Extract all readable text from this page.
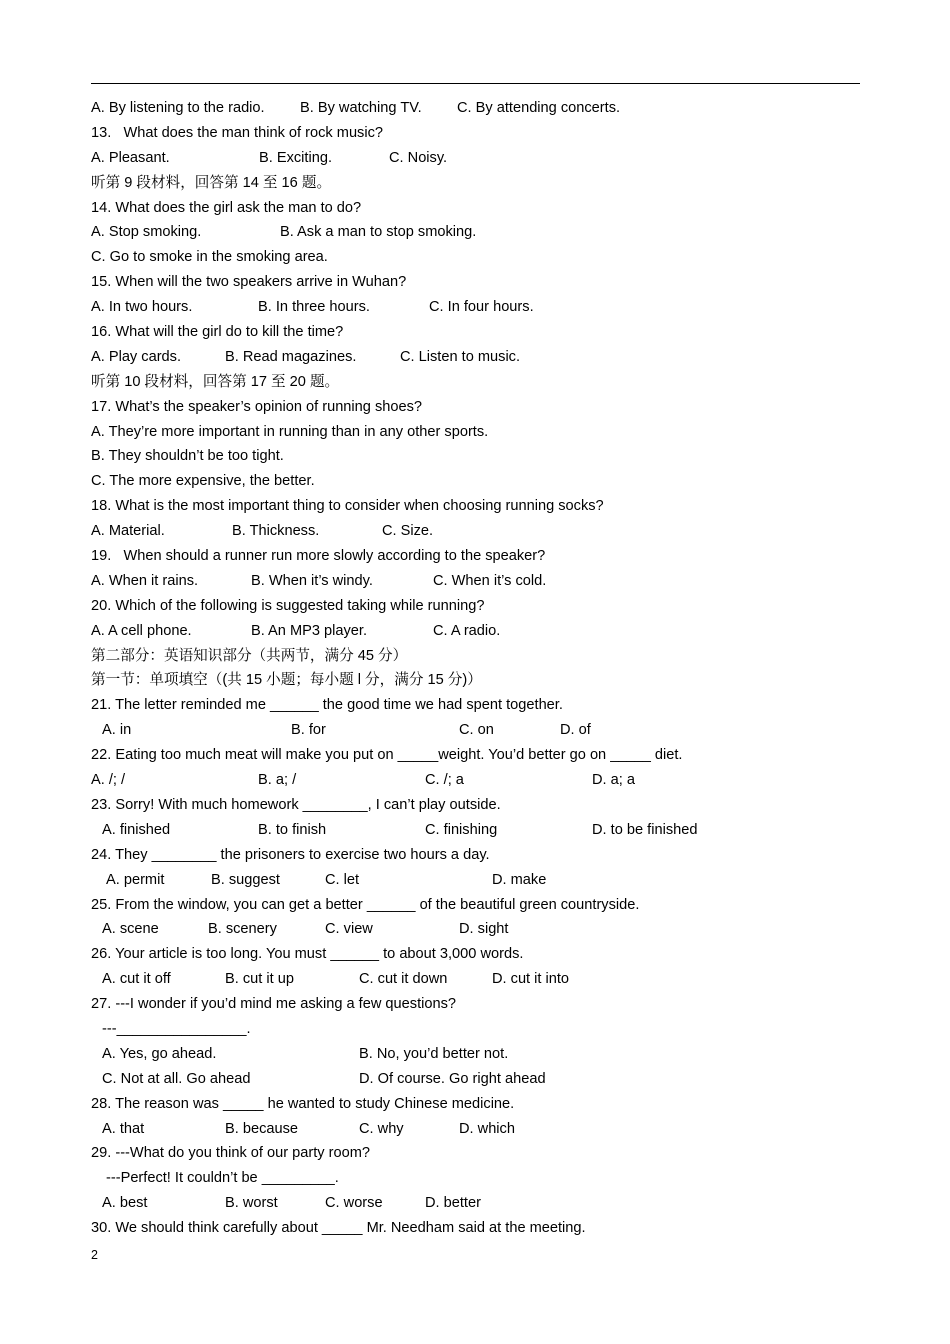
A. By listening to the radio. B. By watching TV. C. By attending concerts.
13.   What does the man think of rock music?
A. Pleasant.	B. Exciting.	C. Noisy.
听第 9 段材料，回答第 14 至 16 题。
14. What does the girl ask the man to do?
A. Stop smoking.	B. Ask a man to stop smoking.
C. Go to smoke in the smoking area.
15. When will the two speakers arrive in Wuhan?
A. In two hours.	B. In three hours.	C. In four hours.
16. What will the girl do to kill the time?
A. Play cards.	B. Read magazines.	C. Listen to music.
听第 10 段材料，回答第 17 至 20 题。
17. What’s the speaker’s opinion of running shoes?
A. They’re more important in running than in any other sports.
B. They shouldn’t be too tight.
C. The more expensive, the better.
18. What is the most important thing to consider when choosing running socks?
A. Material.	B. Thickness.	C. Size.
19.   When should a runner run more slowly according to the speaker?
A. When it rains.	B. When it’s windy.	C. When it’s cold.
20. Which of the following is suggested taking while running?
A. A cell phone.	B. An MP3 player.	C. A radio.
第二部分：英语知识部分（共两节，满分 45 分）
第一节：单项填空（(共 15 小题；每小题 l 分，满分 15 分)）
21. The letter reminded me ______ the good time we had spent together.
A. in	B. for	C. on	D. of
22. Eating too much meat will make you put on _____weight. You’d better go on _____ diet.
A. /; /	B. a; /	C. /; a	D. a; a
23. Sorry! With much homework ________, I can’t play outside.
A. finished	B. to finish	C. finishing	D. to be finished
24. They ________ the prisoners to exercise two hours a day.
A. permit	B. suggest	C. let	D. make
25. From the window, you can get a better ______ of the beautiful green countryside.
A. scene	B. scenery	C. view	D. sight
26. Your article is too long. You must ______ to about 3,000 words.
A. cut it off	B. cut it up	C. cut it down	D. cut it into
27. ---I wonder if you’d mind me asking a few questions?
---________________.
A. Yes, go ahead.	B. No, you’d better not.
C. Not at all. Go ahead	D. Of course. Go right ahead
28. The reason was _____ he wanted to study Chinese medicine.
A. that	B. because	C. why	D. which
29. ---What do you think of our party room?
---Perfect! It couldn’t be _________.
A. best	B. worst	C. worse	D. better
30. We should think carefully about _____ Mr. Needham said at the meeting.
2
